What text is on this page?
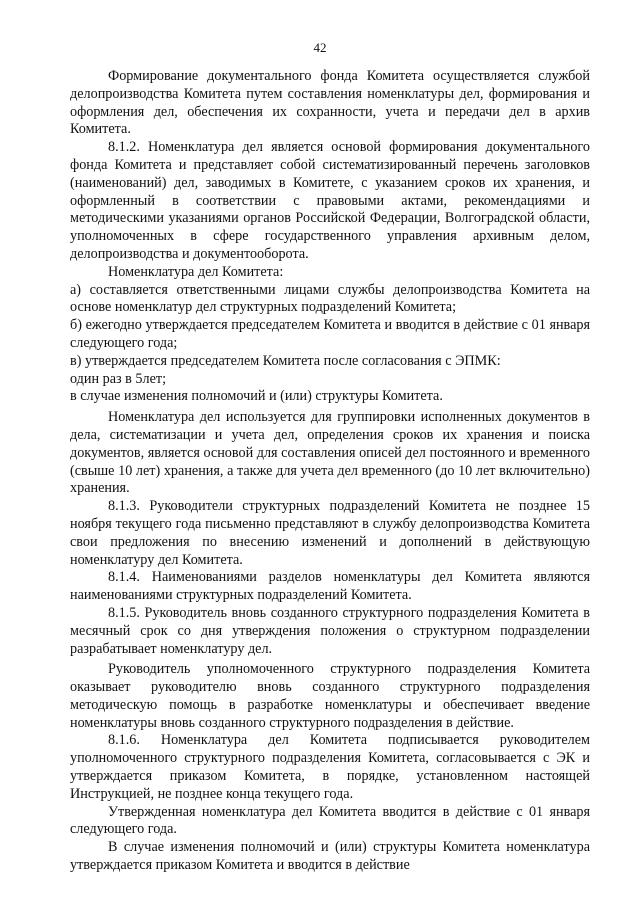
42

Формирование документального фонда Комитета осуществляется службой делопроизводства Комитета путем составления номенклатуры дел, формирования и оформления дел, обеспечения их сохранности, учета и передачи дел в архив Комитета.

8.1.2. Номенклатура дел является основой формирования документального фонда Комитета и представляет собой систематизированный перечень заголовков (наименований) дел, заводимых в Комитете, с указанием сроков их хранения, и оформленный в соответствии с правовыми актами, рекомендациями и методическими указаниями органов Российской Федерации, Волгоградской области, уполномоченных в сфере государственного управления архивным делом, делопроизводства и документооборота.

Номенклатура дел Комитета:

а) составляется ответственными лицами службы делопроизводства Комитета на основе номенклатур дел структурных подразделений Комитета;

б) ежегодно утверждается председателем Комитета и вводится в действие с 01 января следующего года;

в) утверждается председателем Комитета после согласования с ЭПМК:

один раз в 5лет;

в случае изменения полномочий и (или) структуры Комитета.

Номенклатура дел используется для группировки исполненных документов в дела, систематизации и учета дел, определения сроков их хранения и поиска документов, является основой для составления описей дел постоянного и временного (свыше 10 лет) хранения, а также для учета дел временного (до 10 лет включительно) хранения.

8.1.3. Руководители структурных подразделений Комитета не позднее 15 ноября текущего года письменно представляют в службу делопроизводства Комитета свои предложения по внесению изменений и дополнений в действующую номенклатуру дел Комитета.

8.1.4. Наименованиями разделов номенклатуры дел Комитета являются наименованиями структурных подразделений Комитета.

8.1.5. Руководитель вновь созданного структурного подразделения Комитета в месячный срок со дня утверждения положения о структурном подразделении разрабатывает номенклатуру дел.

Руководитель уполномоченного структурного подразделения Комитета оказывает руководителю вновь созданного структурного подразделения методическую помощь в разработке номенклатуры и обеспечивает введение номенклатуры вновь созданного структурного подразделения в действие.

8.1.6. Номенклатура дел Комитета подписывается руководителем уполномоченного структурного подразделения Комитета, согласовывается с ЭК и утверждается приказом Комитета, в порядке, установленном настоящей Инструкцией, не позднее конца текущего года.

Утвержденная номенклатура дел Комитета вводится в действие с 01 января следующего года.

В случае изменения полномочий и (или) структуры Комитета номенклатура утверждается приказом Комитета и вводится в действие
